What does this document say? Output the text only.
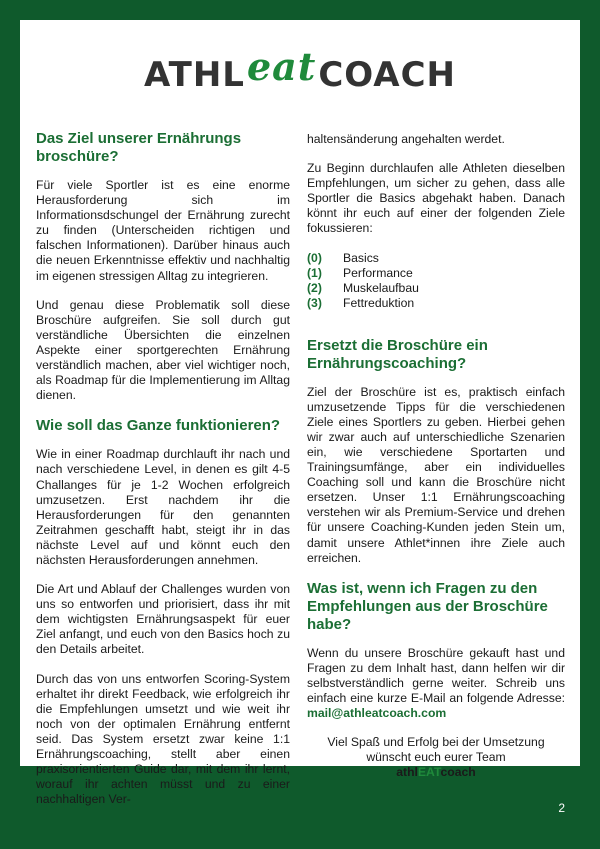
ATHLeatCOACH
Das Ziel unserer Ernährungs broschüre?

Für viele Sportler ist es eine enorme Herausforderung sich im Informationsdschungel der Ernährung zurecht zu finden (Unterscheiden richtigen und falschen Informationen). Darüber hinaus auch die neuen Erkenntnisse effektiv und nachhaltig im eigenen stressigen Alltag zu integrieren.

Und genau diese Problematik soll diese Broschüre aufgreifen. Sie soll durch gut verständliche Übersichten die einzelnen Aspekte einer sportgerechten Ernährung verständlich machen, aber viel wichtiger noch, als Roadmap für die Implementierung im Alltag dienen.

Wie soll das Ganze funktionieren?

Wie in einer Roadmap durchlauft ihr nach und nach verschiedene Level, in denen es gilt 4-5 Challanges für je 1-2 Wochen erfolgreich umzusetzen. Erst nachdem ihr die Herausforderungen für den genannten Zeitrahmen geschafft habt, steigt ihr in das nächste Level auf und könnt euch den nächsten Herausforderungen annehmen.

Die Art und Ablauf der Challenges wurden von uns so entworfen und priorisiert, dass ihr mit dem wichtigsten Ernährungsaspekt für euer Ziel anfangt, und euch von den Basics hoch zu den Details arbeitet.

Durch das von uns entworfen Scoring-System erhaltet ihr direkt Feedback, wie erfolgreich ihr die Empfehlungen umsetzt und wie weit ihr noch von der optimalen Ernährung entfernt seid. Das System ersetzt zwar keine 1:1 Ernährungscoaching, stellt aber einen praxisorientierten Guide dar, mit dem ihr lernt, worauf ihr achten müsst und zu einer nachhaltigen Ver-

haltensänderung angehalten werdet.

Zu Beginn durchlaufen alle Athleten dieselben Empfehlungen, um sicher zu gehen, dass alle Sportler die Basics abgehakt haben. Danach könnt ihr euch auf einer der folgenden Ziele fokussieren:

(0)	Basics
(1)	Performance
(2)	Muskelaufbau
(3)	Fettreduktion
Ersetzt die Broschüre ein Ernährungscoaching?

Ziel der Broschüre ist es, praktisch einfach umzusetzende Tipps für die verschiedenen Ziele eines Sportlers zu geben. Hierbei gehen wir zwar auch auf unterschiedliche Szenarien ein, wie verschiedene Sportarten und Trainingsumfänge, aber ein individuelles Coaching soll und kann die Broschüre nicht ersetzen. Unser 1:1 Ernährungscoaching verstehen wir als Premium-Service und drehen für unsere Coaching-Kunden jeden Stein um, damit unsere Athlet*innen ihre Ziele auch erreichen.

Was ist, wenn ich Fragen zu den Empfehlungen aus der Broschüre habe?

Wenn du unsere Broschüre gekauft hast und Fragen zu dem Inhalt hast, dann helfen wir dir selbstverständlich gerne weiter. Schreib uns einfach eine kurze E-Mail an folgende Adresse: mail@athleatcoach.com

Viel Spaß und Erfolg bei der Umsetzung
wünscht euch eurer Team
athlEATcoach
2
